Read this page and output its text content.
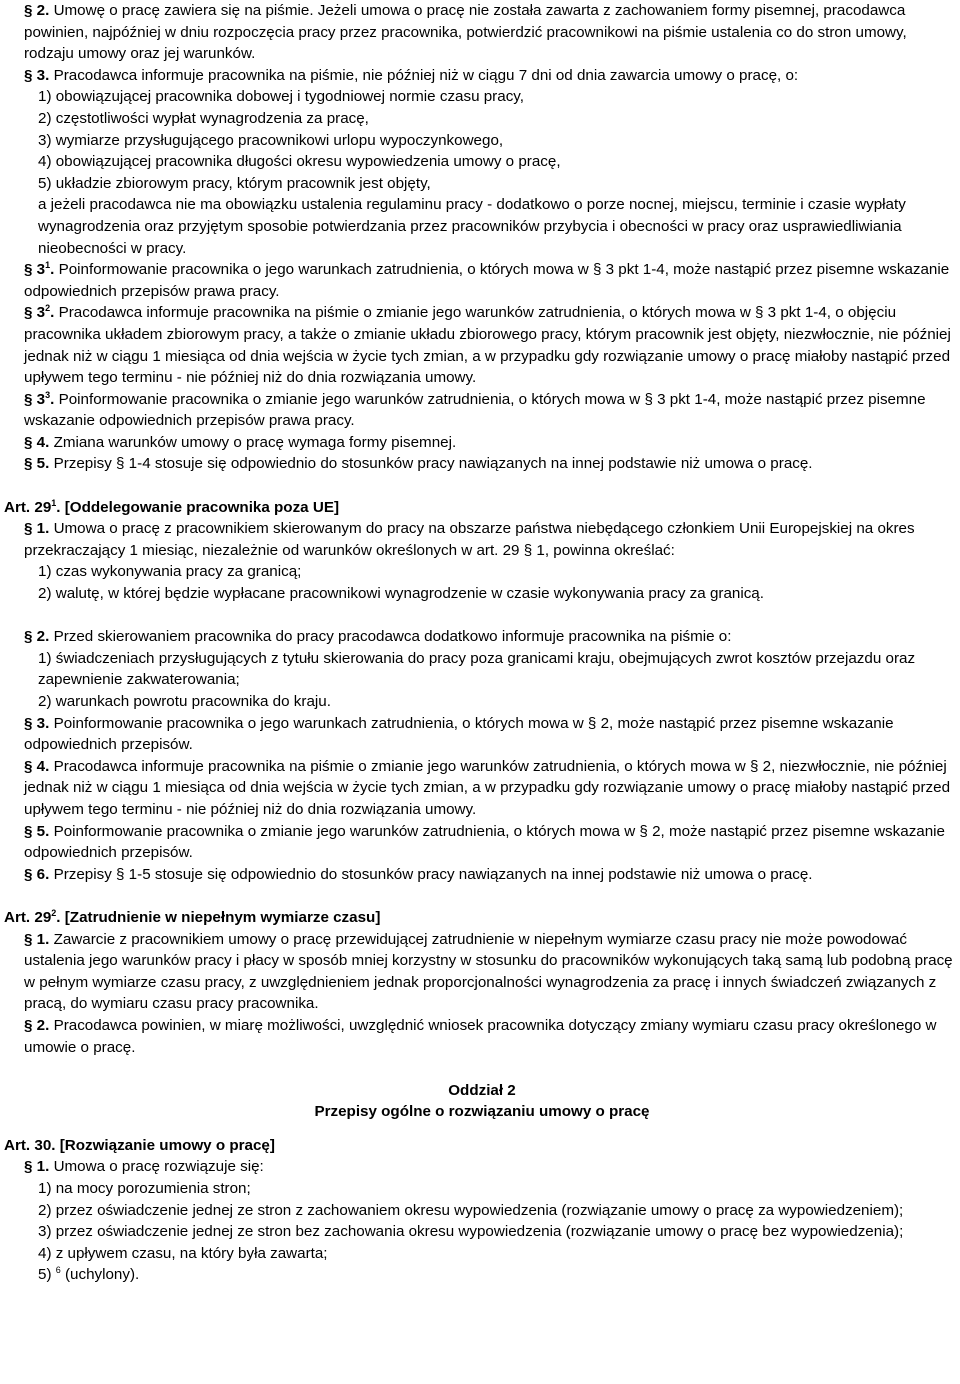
§ 2. Umowę o pracę zawiera się na piśmie. Jeżeli umowa o pracę nie została zawarta z zachowaniem formy pisemnej, pracodawca powinien, najpóźniej w dniu rozpoczęcia pracy przez pracownika, potwierdzić pracownikowi na piśmie ustalenia co do stron umowy, rodzaju umowy oraz jej warunków.

§ 3. Pracodawca informuje pracownika na piśmie, nie później niż w ciągu 7 dni od dnia zawarcia umowy o pracę, o:

1) obowiązującej pracownika dobowej i tygodniowej normie czasu pracy,

2) częstotliwości wypłat wynagrodzenia za pracę,

3) wymiarze przysługującego pracownikowi urlopu wypoczynkowego,

4) obowiązującej pracownika długości okresu wypowiedzenia umowy o pracę,

5) układzie zbiorowym pracy, którym pracownik jest objęty,

a jeżeli pracodawca nie ma obowiązku ustalenia regulaminu pracy - dodatkowo o porze nocnej, miejscu, terminie i czasie wypłaty wynagrodzenia oraz przyjętym sposobie potwierdzania przez pracowników przybycia i obecności w pracy oraz usprawiedliwiania nieobecności w pracy.

§ $3^1$. Poinformowanie pracownika o jego warunkach zatrudnienia, o których mowa w § 3 pkt 1-4, może nastąpić przez pisemne wskazanie odpowiednich przepisów prawa pracy.

§ $3^2$. Pracodawca informuje pracownika na piśmie o zmianie jego warunków zatrudnienia, o których mowa w § 3 pkt 1-4, o objęciu pracownika układem zbiorowym pracy, a także o zmianie układu zbiorowego pracy, którym pracownik jest objęty, niezwłocznie, nie później jednak niż w ciągu 1 miesiąca od dnia wejścia w życie tych zmian, a w przypadku gdy rozwiązanie umowy o pracę miałoby nastąpić przed upływem tego terminu - nie później niż do dnia rozwiązania umowy.

§ $3^3$. Poinformowanie pracownika o zmianie jego warunków zatrudnienia, o których mowa w § 3 pkt 1-4, może nastąpić przez pisemne wskazanie odpowiednich przepisów prawa pracy.

§ 4. Zmiana warunków umowy o pracę wymaga formy pisemnej.

§ 5. Przepisy § 1-4 stosuje się odpowiednio do stosunków pracy nawiązanych na innej podstawie niż umowa o pracę.

Art. $29^1$. [Oddelegowanie pracownika poza UE]

§ 1. Umowa o pracę z pracownikiem skierowanym do pracy na obszarze państwa niebędącego członkiem Unii Europejskiej na okres przekraczający 1 miesiąc, niezależnie od warunków określonych w art. 29 § 1, powinna określać:

1) czas wykonywania pracy za granicą;

2) walutę, w której będzie wypłacane pracownikowi wynagrodzenie w czasie wykonywania pracy za granicą.

§ 2. Przed skierowaniem pracownika do pracy pracodawca dodatkowo informuje pracownika na piśmie o:

1) świadczeniach przysługujących z tytułu skierowania do pracy poza granicami kraju, obejmujących zwrot kosztów przejazdu oraz zapewnienie zakwaterowania;

2) warunkach powrotu pracownika do kraju.

§ 3. Poinformowanie pracownika o jego warunkach zatrudnienia, o których mowa w § 2, może nastąpić przez pisemne wskazanie odpowiednich przepisów.

§ 4. Pracodawca informuje pracownika na piśmie o zmianie jego warunków zatrudnienia, o których mowa w § 2, niezwłocznie, nie później jednak niż w ciągu 1 miesiąca od dnia wejścia w życie tych zmian, a w przypadku gdy rozwiązanie umowy o pracę miałoby nastąpić przed upływem tego terminu - nie później niż do dnia rozwiązania umowy.

§ 5. Poinformowanie pracownika o zmianie jego warunków zatrudnienia, o których mowa w § 2, może nastąpić przez pisemne wskazanie odpowiednich przepisów.

§ 6. Przepisy § 1-5 stosuje się odpowiednio do stosunków pracy nawiązanych na innej podstawie niż umowa o pracę.

Art. $29^2$. [Zatrudnienie w niepełnym wymiarze czasu]

§ 1. Zawarcie z pracownikiem umowy o pracę przewidującej zatrudnienie w niepełnym wymiarze czasu pracy nie może powodować ustalenia jego warunków pracy i płacy w sposób mniej korzystny w stosunku do pracowników wykonujących taką samą lub podobną pracę w pełnym wymiarze czasu pracy, z uwzględnieniem jednak proporcjonalności wynagrodzenia za pracę i innych świadczeń związanych z pracą, do wymiaru czasu pracy pracownika.

§ 2. Pracodawca powinien, w miarę możliwości, uwzględnić wniosek pracownika dotyczący zmiany wymiaru czasu pracy określonego w umowie o pracę.

Oddział 2

Przepisy ogólne o rozwiązaniu umowy o pracę

Art. 30. [Rozwiązanie umowy o pracę]

§ 1. Umowa o pracę rozwiązuje się:

1) na mocy porozumienia stron;

2) przez oświadczenie jednej ze stron z zachowaniem okresu wypowiedzenia (rozwiązanie umowy o pracę za wypowiedzeniem);

3) przez oświadczenie jednej ze stron bez zachowania okresu wypowiedzenia (rozwiązanie umowy o pracę bez wypowiedzenia);

4) z upływem czasu, na który była zawarta;

5) $^6$ (uchylony).
